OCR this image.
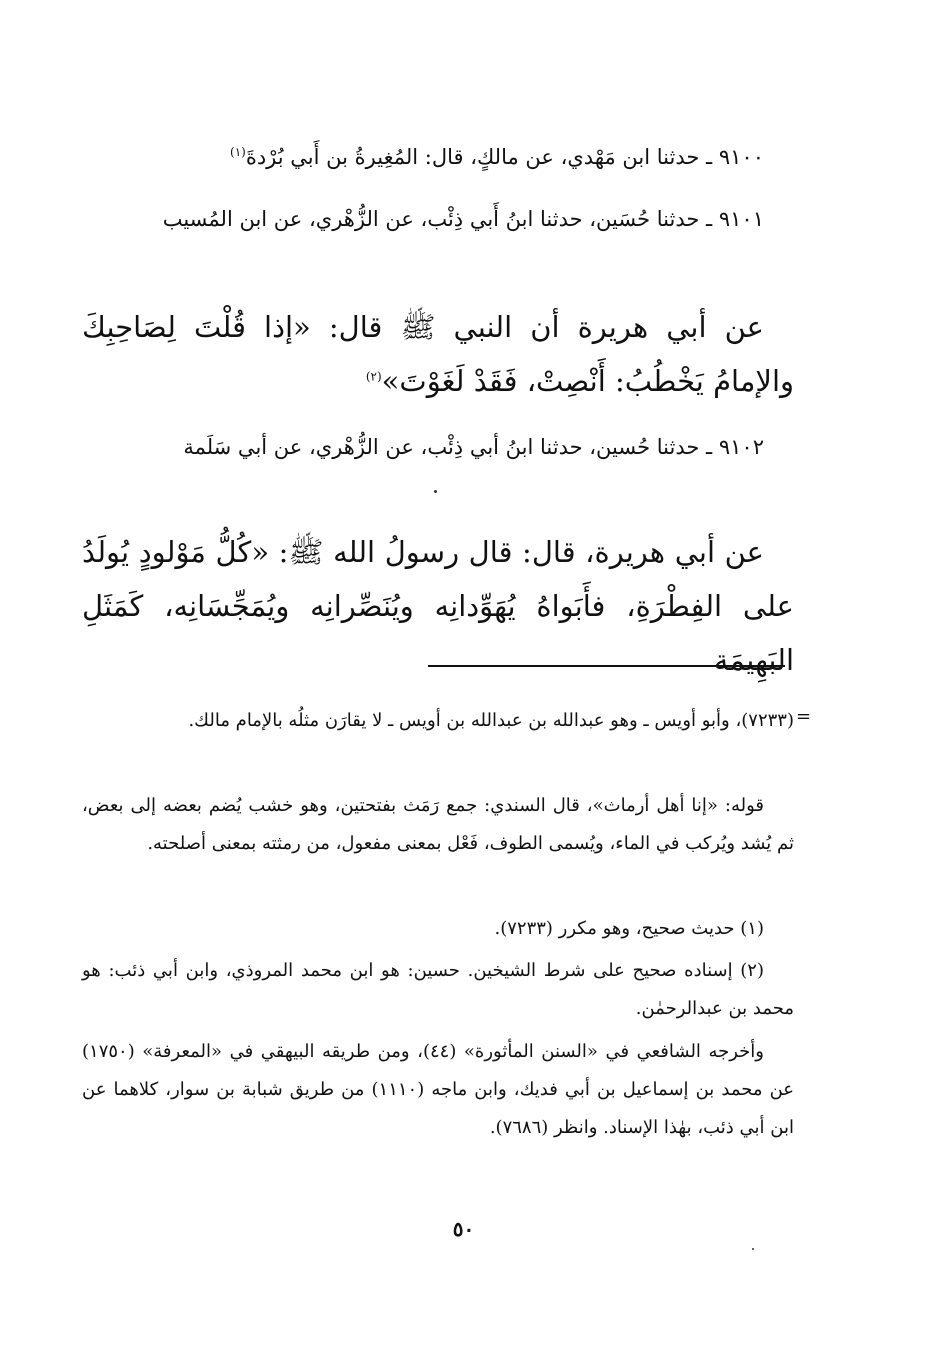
٩١٠٠ ـ حدثنا ابن مَهْدي، عن مالكٍ، قال: المُغِيرةُ بن أَبي بُرْدةَ$^{(١)}$
٩١٠١ ـ حدثنا حُسَين، حدثنا ابنُ أَبي ذِئْب، عن الزُّهْري، عن ابن المُسيب
عن أبي هريرة أن النبي ﷺ قال: «إذا قُلْتَ لِصَاحِبِكَ والإمامُ يَخْطُبُ: أَنْصِتْ، فَقَدْ لَغَوْتَ»$^{(٢)}$
٩١٠٢ ـ حدثنا حُسين، حدثنا ابنُ أبي ذِئْب، عن الزُّهْري، عن أبي سَلَمة
عن أبي هريرة، قال: قال رسولُ الله ﷺ: «كُلُّ مَوْلودٍ يُولَدُ على الفِطْرَةِ، فأَبَواهُ يُهَوِّدانِه ويُنَصِّرانِه ويُمَجِّسَانِه، كَمَثَلِ البَهِيمَة
=
(٧٢٣٣)، وأبو أويس ـ وهو عبدالله بن عبدالله بن أويس ـ لا يقارَن مثلُه بالإمام مالك.
قوله: «إنا أهل أرماث»، قال السندي: جمع رَمَث بفتحتين، وهو خشب يُضم بعضه إلى بعض، ثم يُشد ويُركب في الماء، ويُسمى الطوف، فَعْل بمعنى مفعول، من رمثته بمعنى أصلحته.
(١) حديث صحيح، وهو مكرر (٧٢٣٣).
(٢) إسناده صحيح على شرط الشيخين. حسين: هو ابن محمد المروذي، وابن أبي ذئب: هو محمد بن عبدالرحمٰن.
وأخرجه الشافعي في «السنن المأثورة» (٤٤)، ومن طريقه البيهقي في «المعرفة» (١٧٥٠) عن محمد بن إسماعيل بن أبي فديك، وابن ماجه (١١١٠) من طريق شبابة بن سوار، كلاهما عن ابن أبي ذئب، بهٰذا الإسناد. وانظر (٧٦٨٦).
٥٠
